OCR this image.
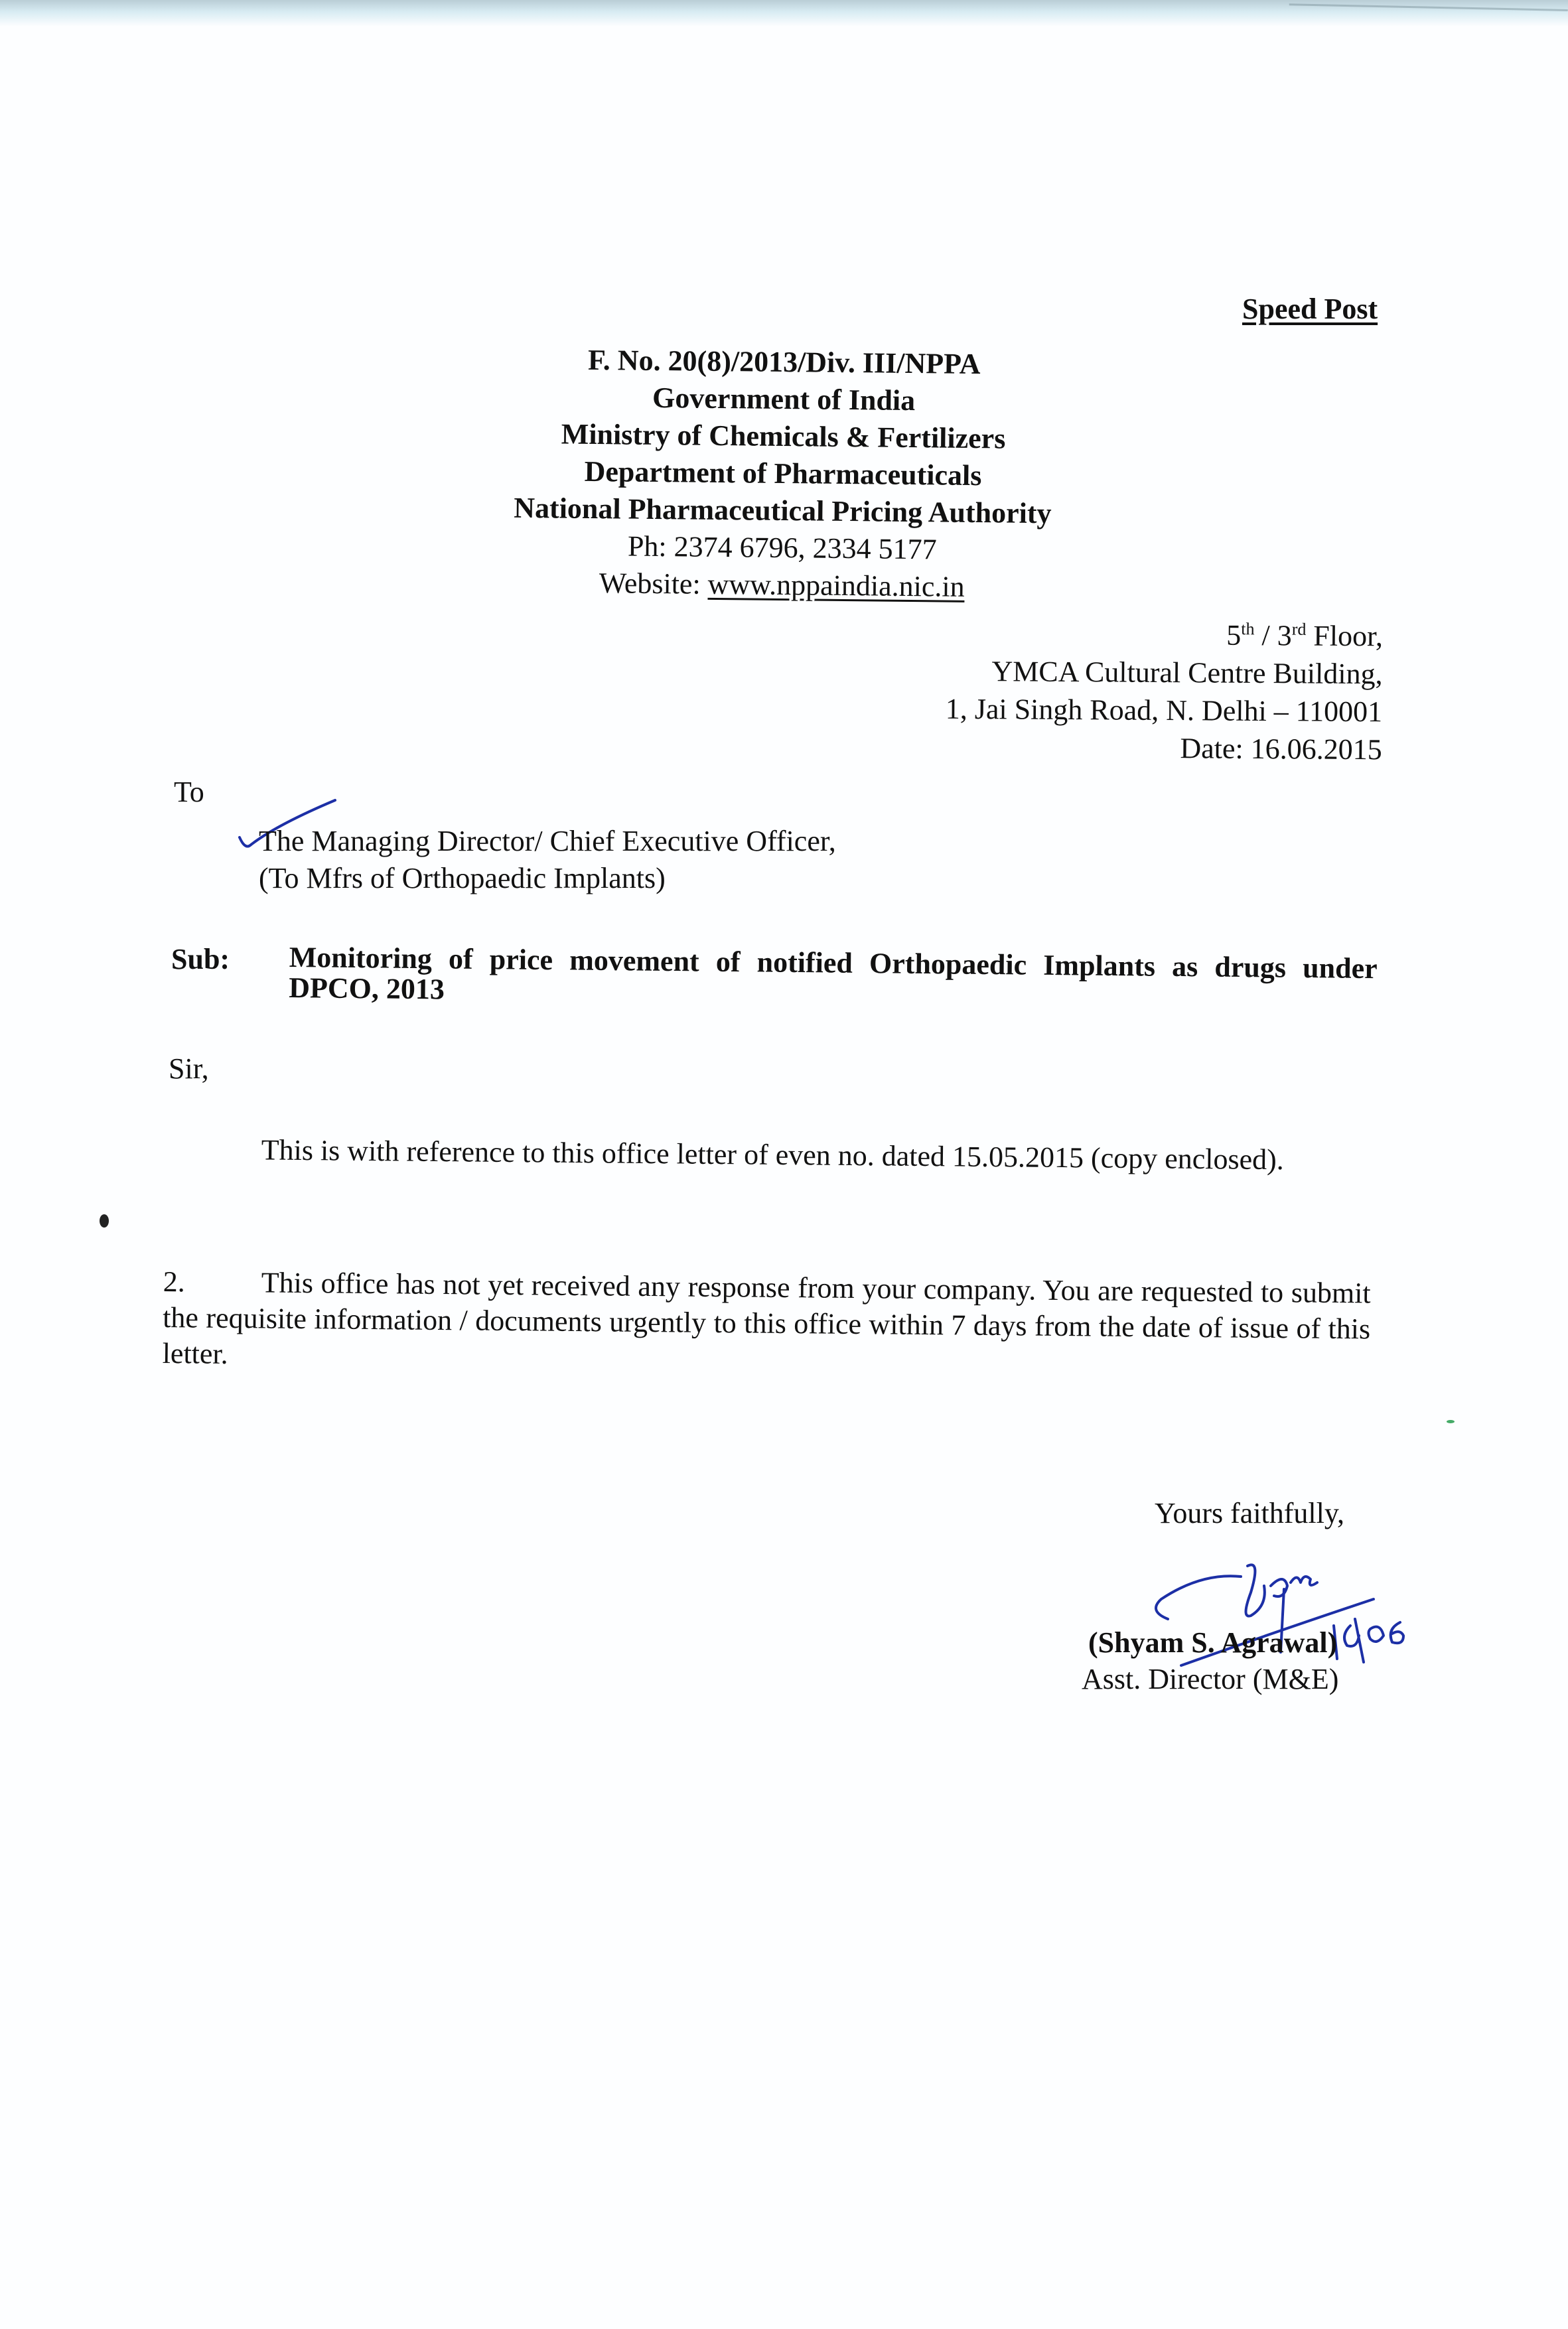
Speed Post
F. No. 20(8)/2013/Div. III/NPPA
Government of India
Ministry of Chemicals & Fertilizers
Department of Pharmaceuticals
National Pharmaceutical Pricing Authority
Ph: 2374 6796, 2334 5177
Website: www.nppaindia.nic.in
5th / 3rd Floor,
YMCA Cultural Centre Building,
1, Jai Singh Road, N. Delhi – 110001
Date: 16.06.2015
To
The Managing Director/ Chief Executive Officer,
(To Mfrs of Orthopaedic Implants)
Sub: Monitoring of price movement of notified Orthopaedic Implants as drugs under DPCO, 2013
Sir,
This is with reference to this office letter of even no. dated 15.05.2015 (copy enclosed).
2.	This office has not yet received any response from your company. You are requested to submit the requisite information / documents urgently to this office within 7 days from the date of issue of this letter.
Yours faithfully,
(Shyam S. Agrawal)
Asst. Director (M&E)
